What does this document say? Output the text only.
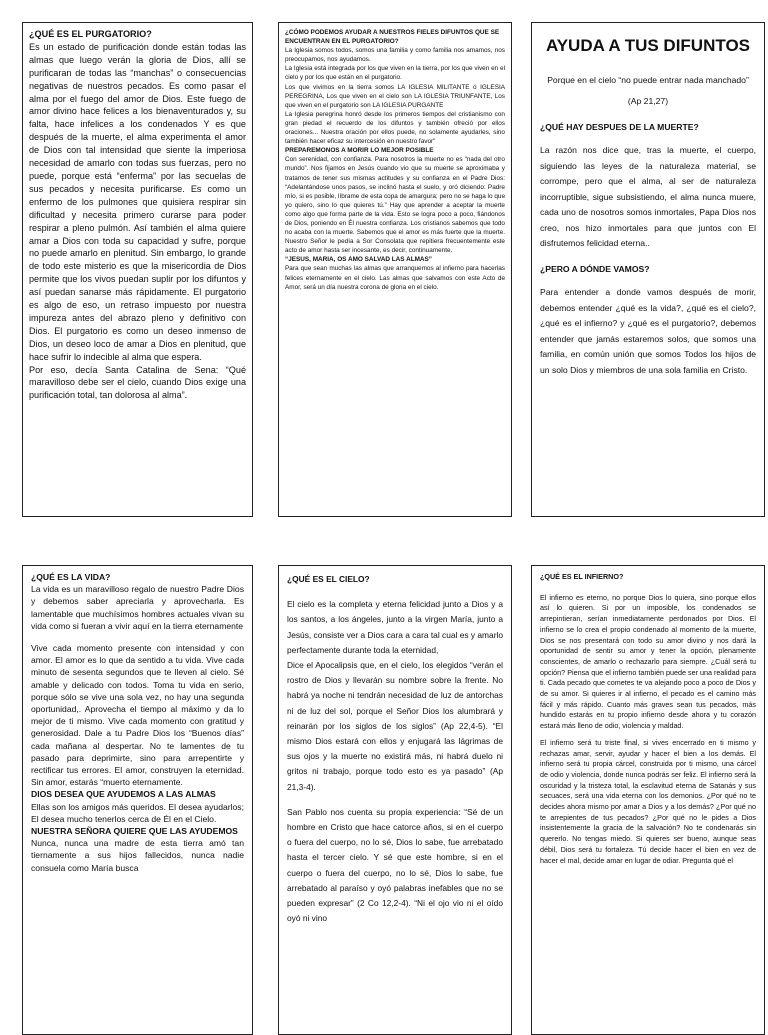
¿QUÉ ES EL PURGATORIO?

Es un estado de purificación donde están todas las almas que luego verán la gloria de Dios, allí se purificaran de todas las “manchas” o consecuencias negativas de nuestros pecados. Es como pasar el alma por el fuego del amor de Dios. Este fuego de amor divino hace felices a los bienaventurados y, su falta, hace infelices a los condenados Y es que después de la muerte, el alma experimenta el amor de Dios con tal intensidad que siente la imperiosa necesidad de amarlo con todas sus fuerzas, pero no puede, porque está “enferma” por las secuelas de sus pecados y necesita purificarse. Es como un enfermo de los pulmones que quisiera respirar sin dificultad y necesita primero curarse para poder respirar a pleno pulmón. Así también el alma quiere amar a Dios con toda su capacidad y sufre, porque no puede amarlo en plenitud. Sin embargo, lo grande de todo este misterio es que la misericordia de Dios permite que los vivos puedan suplir por los difuntos y así puedan sanarse más rápidamente. El purgatorio es algo de eso, un retraso impuesto por nuestra impureza antes del abrazo pleno y definitivo con Dios. El purgatorio es como un deseo inmenso de Dios, un deseo loco de amar a Dios en plenitud, que hace sufrir lo indecible al alma que espera.

Por eso, decía Santa Catalina de Sena: “Qué maravilloso debe ser el cielo, cuando Dios exige una purificación total, tan dolorosa al alma”.

¿CÓMO PODEMOS AYUDAR A NUESTROS FIELES DIFUNTOS QUE SE ENCUENTRAN EN EL PURGATORIO?

La Iglesia somos todos, somos una familia y como familia nos amamos, nos preocupamos, nos ayudamos.

La Iglesia está integrada por los que viven en la tierra, por los que viven en el cielo y por los que están en el purgatorio.

Los que vivimos en la tierra somos LA IGLESIA MILITANTE ó IGLESIA PEREGRINA, Los que viven en el cielo son LA IGLESIA TRIUNFANTE, Los que viven en el purgatorio son LA IGLESIA PURGANTE

La Iglesia peregrina honró desde los primeros tiempos del cristianismo con gran piedad el recuerdo de los difuntos y también ofreció por ellos oraciones... Nuestra oración por ellos puede, no solamente ayudarles, sino también hacer eficaz su intercesión en nuestro favor”

PREPAREMONOS A MORIR LO MEJOR POSIBLE

Con serenidad, con confianza. Para nosotros la muerte no es “nada del otro mundo”. Nos fijamos en Jesús cuando vio que su muerte se aproximaba y tratamos de tener sus mismas actitudes y su confianza en el Padre Dios: “Adelantándose unos pasos, se inclinó hasta el suelo, y oró diciendo: Padre mío, si es posible, líbrame de esta copa de amargura; pero no se haga lo que yo quiero, sino lo que quieres tú.” Hay que aprender a aceptar la muerte como algo que forma parte de la vida. Esto se logra poco a poco, fiándonos de Dios, poniendo en Él nuestra confianza. Los cristianos sabemos que todo no acaba con la muerte. Sabemos que el amor es más fuerte que la muerte. Nuestro Señor le pedía a Sor Consolata que repitiera frecuentemente este acto de amor hasta ser incesante, es decir, continuamente.

“JESUS, MARIA, OS AMO SALVAD LAS ALMAS”

Para que sean muchas las almas que arranquemos al infierno para hacerlas felices eternamente en el cielo. Las almas que salvamos con este Acto de Amor, será un día nuestra corona de gloria en el cielo.

AYUDA A TUS DIFUNTOS

Porque en el cielo “no puede entrar nada manchado”

(Ap 21,27)

¿QUÉ HAY DESPUES DE LA MUERTE?

La razón nos dice que, tras la muerte, el cuerpo, siguiendo las leyes de la naturaleza material, se corrompe, pero que el alma, al ser de naturaleza incorruptible, sigue subsistiendo, el alma nunca muere, cada uno de nosotros somos inmortales, Papa Dios nos creo, nos hizo inmortales para que juntos con El disfrutemos felicidad eterna..

¿PERO A DÓNDE VAMOS?

Para entender a donde vamos después de morir, debemos entender ¿qué es la vida?, ¿qué es el cielo?, ¿qué es el infierno? y ¿qué es el purgatorio?, debemos entender que jamás estaremos solos, que somos una familia, en común unión que somos Todos los hijos de un solo Dios y miembros de una sola familia en Cristo.

¿QUÉ ES LA VIDA?

La vida es un maravilloso regalo de nuestro Padre Dios y debemos saber apreciarla y aprovecharla. Es lamentable que muchísimos hombres actuales vivan su vida como si fueran a vivir aquí en la tierra eternamente

Vive cada momento presente con intensidad y con amor. El amor es lo que da sentido a tu vida. Vive cada minuto de sesenta segundos que te lleven al cielo. Sé amable y delicado con todos. Toma tu vida en serio, porque sólo se vive una sola vez, no hay una segunda oportunidad,. Aprovecha el tiempo al máximo y da lo mejor de ti mismo. Vive cada momento con gratitud y generosidad. Dale a tu Padre Dios los “Buenos días” cada mañana al despertar. No te lamentes de tu pasado para deprimirte, sino para arrepentirte y rectificar tus errores. El amor, construyen la eternidad. Sin amor, estarás “muerto eternamente.

DIOS DESEA QUE AYUDEMOS A LAS ALMAS

Ellas son los amigos más queridos. El desea ayudarlos; El desea mucho tenerlos cerca de Él en el Cielo.

NUESTRA SEÑORA QUIERE QUE LAS AYUDEMOS

Nunca, nunca una madre de esta tierra amó tan tiernamente a sus hijos fallecidos, nunca nadie consuela como María busca

¿QUÉ ES EL CIELO?

El cielo es la completa y eterna felicidad junto a Dios y a los santos, a los ángeles, junto a la virgen María, junto a Jesús, consiste ver a Dios cara a cara tal cual es y amarlo perfectamente durante toda la eternidad,

Dice el Apocalipsis que, en el cielo, los elegidos “verán el rostro de Dios y llevarán su nombre sobre la frente. No habrá ya noche ni tendrán necesidad de luz de antorchas ni de luz del sol, porque el Señor Dios los alumbrará y reinarán por los siglos de los siglos” (Ap 22,4-5). “El mismo Dios estará con ellos y enjugará las lágrimas de sus ojos y la muerte no existirá más, ni habrá duelo ni gritos ni trabajo, porque todo esto es ya pasado” (Ap 21,3-4).

San Pablo nos cuenta su propia experiencia: “Sé de un hombre en Cristo que hace catorce años, si en el cuerpo o fuera del cuerpo, no lo sé, Dios lo sabe, fue arrebatado hasta el tercer cielo. Y sé que este hombre, si en el cuerpo o fuera del cuerpo, no lo sé, Dios lo sabe, fue arrebatado al paraíso y oyó palabras inefables que no se pueden expresar” (2 Co 12,2-4). “Ni el ojo vio ni el oído oyó ni vino

¿QUÉ ES EL INFIERNO?

El infierno es eterno, no porque Dios lo quiera, sino porque ellos así lo quieren. Si por un imposible, los condenados se arrepintieran, serían inmediatamente perdonados por Dios. El infierno se lo crea el propio condenado al momento de la muerte, Dios se nos presentará con todo su amor divino y nos dará la oportunidad de sentir su amor y tener la opción, plenamente conscientes, de amarlo o rechazarlo para siempre. ¿Cuál será tu opción? Piensa que el infierno también puede ser una realidad para ti. Cada pecado que cometes te va alejando poco a poco de Dios y de su amor. Si quieres ir al infierno, el pecado es el camino más fácil y más rápido. Cuanto más graves sean tus pecados, más hundido estarás en tu propio infierno desde ahora y tu corazón estará más lleno de odio, violencia y maldad.

El infierno será tu triste final, si vives encerrado en ti mismo y rechazas amar, servir, ayudar y hacer el bien a los demás. El infierno será tu propia cárcel, construida por ti mismo, una cárcel de odio y violencia, donde nunca podrás ser feliz. El infierno será la oscuridad y la tristeza total, la esclavitud eterna de Satanás y sus secuaces, será una vida eterna con los demonios. ¿Por qué no te decides ahora mismo por amar a Dios y a los demás? ¿Por qué no te arrepientes de tus pecados? ¿Por qué no le pides a Dios insistentemente la gracia de la salvación? No te condenarás sin quererlo. No tengas miedo. Si quieres ser bueno, aunque seas débil, Dios será tu fortaleza. Tú decide hacer el bien en vez de hacer el mal, decide amar en lugar de odiar. Pregunta qué el
